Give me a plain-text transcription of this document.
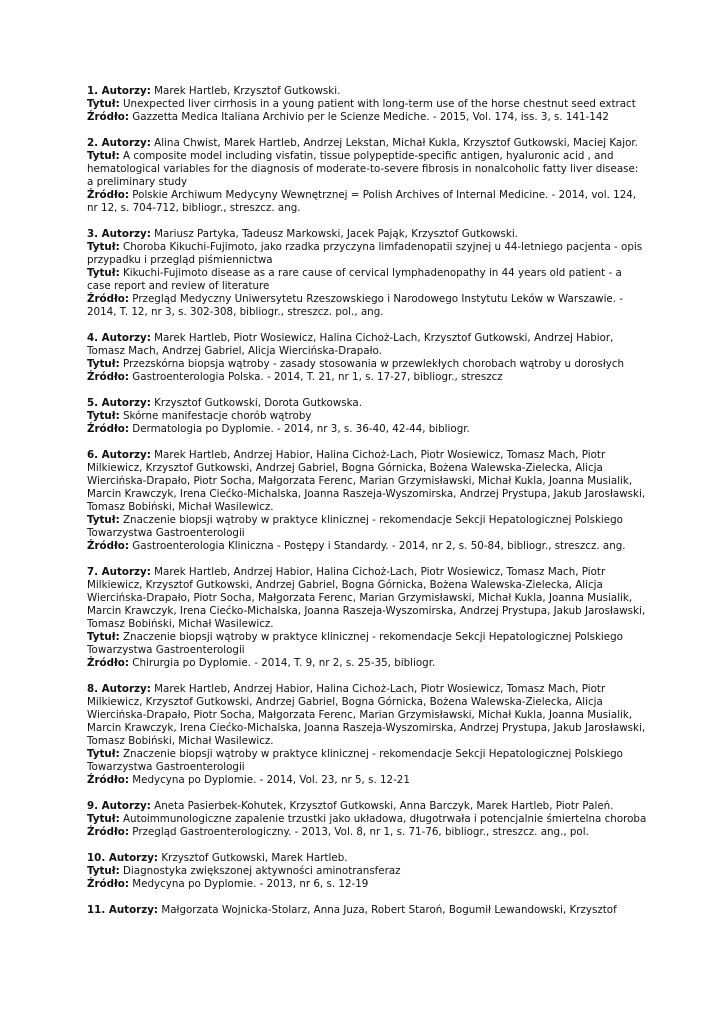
1. Autorzy: Marek Hartleb, Krzysztof Gutkowski.
Tytuł: Unexpected liver cirrhosis in a young patient with long-term use of the horse chestnut seed extract
Źródło: Gazzetta Medica Italiana Archivio per le Scienze Mediche. - 2015, Vol. 174, iss. 3, s. 141-142
2. Autorzy: Alina Chwist, Marek Hartleb, Andrzej Lekstan, Michał Kukla, Krzysztof Gutkowski, Maciej Kajor.
Tytuł: A composite model including visfatin, tissue polypeptide-specific antigen, hyaluronic acid , and hematological variables for the diagnosis of moderate-to-severe fibrosis in nonalcoholic fatty liver disease: a preliminary study
Źródło: Polskie Archiwum Medycyny Wewnętrznej = Polish Archives of Internal Medicine. - 2014, vol. 124, nr 12, s. 704-712, bibliogr., streszcz. ang.
3. Autorzy: Mariusz Partyka, Tadeusz Markowski, Jacek Pająk, Krzysztof Gutkowski.
Tytuł: Choroba Kikuchi-Fujimoto, jako rzadka przyczyna limfadenopatii szyjnej u 44-letniego pacjenta - opis przypadku i przegląd piśmiennictwa
Tytuł: Kikuchi-Fujimoto disease as a rare cause of cervical lymphadenopathy in 44 years old patient - a case report and review of literature
Źródło: Przegląd Medyczny Uniwersytetu Rzeszowskiego i Narodowego Instytutu Leków w Warszawie. - 2014, T. 12, nr 3, s. 302-308, bibliogr., streszcz. pol., ang.
4. Autorzy: Marek Hartleb, Piotr Wosiewicz, Halina Cichoż-Lach, Krzysztof Gutkowski, Andrzej Habior, Tomasz Mach, Andrzej Gabriel, Alicja Wiercińska-Drapało.
Tytuł: Przezskórna biopsja wątroby - zasady stosowania w przewlekłych chorobach wątroby u dorosłych
Źródło: Gastroenterologia Polska. - 2014, T. 21, nr 1, s. 17-27, bibliogr., streszcz
5. Autorzy: Krzysztof Gutkowski, Dorota Gutkowska.
Tytuł: Skórne manifestacje chorób wątroby
Źródło: Dermatologia po Dyplomie. - 2014, nr 3, s. 36-40, 42-44, bibliogr.
6. Autorzy: Marek Hartleb, Andrzej Habior, Halina Cichoż-Lach, Piotr Wosiewicz, Tomasz Mach, Piotr Milkiewicz, Krzysztof Gutkowski, Andrzej Gabriel, Bogna Górnicka, Bożena Walewska-Zielecka, Alicja Wiercińska-Drapało, Piotr Socha, Małgorzata Ferenc, Marian Grzymisławski, Michał Kukla, Joanna Musialik, Marcin Krawczyk, Irena Ciećko-Michalska, Joanna Raszeja-Wyszomirska, Andrzej Prystupa, Jakub Jarosławski, Tomasz Bobiński, Michał Wasilewicz.
Tytuł: Znaczenie biopsji wątroby w praktyce klinicznej - rekomendacje Sekcji Hepatologicznej Polskiego Towarzystwa Gastroenterologii
Źródło: Gastroenterologia Kliniczna - Postępy i Standardy. - 2014, nr 2, s. 50-84, bibliogr., streszcz. ang.
7. Autorzy: Marek Hartleb, Andrzej Habior, Halina Cichoż-Lach, Piotr Wosiewicz, Tomasz Mach, Piotr Milkiewicz, Krzysztof Gutkowski, Andrzej Gabriel, Bogna Górnicka, Bożena Walewska-Zielecka, Alicja Wiercińska-Drapało, Piotr Socha, Małgorzata Ferenc, Marian Grzymisławski, Michał Kukla, Joanna Musialik, Marcin Krawczyk, Irena Ciećko-Michalska, Joanna Raszeja-Wyszomirska, Andrzej Prystupa, Jakub Jarosławski, Tomasz Bobiński, Michał Wasilewicz.
Tytuł: Znaczenie biopsji wątroby w praktyce klinicznej - rekomendacje Sekcji Hepatologicznej Polskiego Towarzystwa Gastroenterologii
Źródło: Chirurgia po Dyplomie. - 2014, T. 9, nr 2, s. 25-35, bibliogr.
8. Autorzy: Marek Hartleb, Andrzej Habior, Halina Cichoż-Lach, Piotr Wosiewicz, Tomasz Mach, Piotr Milkiewicz, Krzysztof Gutkowski, Andrzej Gabriel, Bogna Górnicka, Bożena Walewska-Zielecka, Alicja Wiercińska-Drapało, Piotr Socha, Małgorzata Ferenc, Marian Grzymisławski, Michał Kukla, Joanna Musialik, Marcin Krawczyk, Irena Ciećko-Michalska, Joanna Raszeja-Wyszomirska, Andrzej Prystupa, Jakub Jarosławski, Tomasz Bobiński, Michał Wasilewicz.
Tytuł: Znaczenie biopsji wątroby w praktyce klinicznej - rekomendacje Sekcji Hepatologicznej Polskiego Towarzystwa Gastroenterologii
Źródło: Medycyna po Dyplomie. - 2014, Vol. 23, nr 5, s. 12-21
9. Autorzy: Aneta Pasierbek-Kohutek, Krzysztof Gutkowski, Anna Barczyk, Marek Hartleb, Piotr Paleń.
Tytuł: Autoimmunologiczne zapalenie trzustki jako układowa, długotrwała i potencjalnie śmiertelna choroba
Źródło: Przegląd Gastroenterologiczny. - 2013, Vol. 8, nr 1, s. 71-76, bibliogr., streszcz. ang., pol.
10. Autorzy: Krzysztof Gutkowski, Marek Hartleb.
Tytuł: Diagnostyka zwiększonej aktywności aminotransferaz
Źródło: Medycyna po Dyplomie. - 2013, nr 6, s. 12-19
11. Autorzy: Małgorzata Wojnicka-Stolarz, Anna Juza, Robert Staroń, Bogumił Lewandowski, Krzysztof
